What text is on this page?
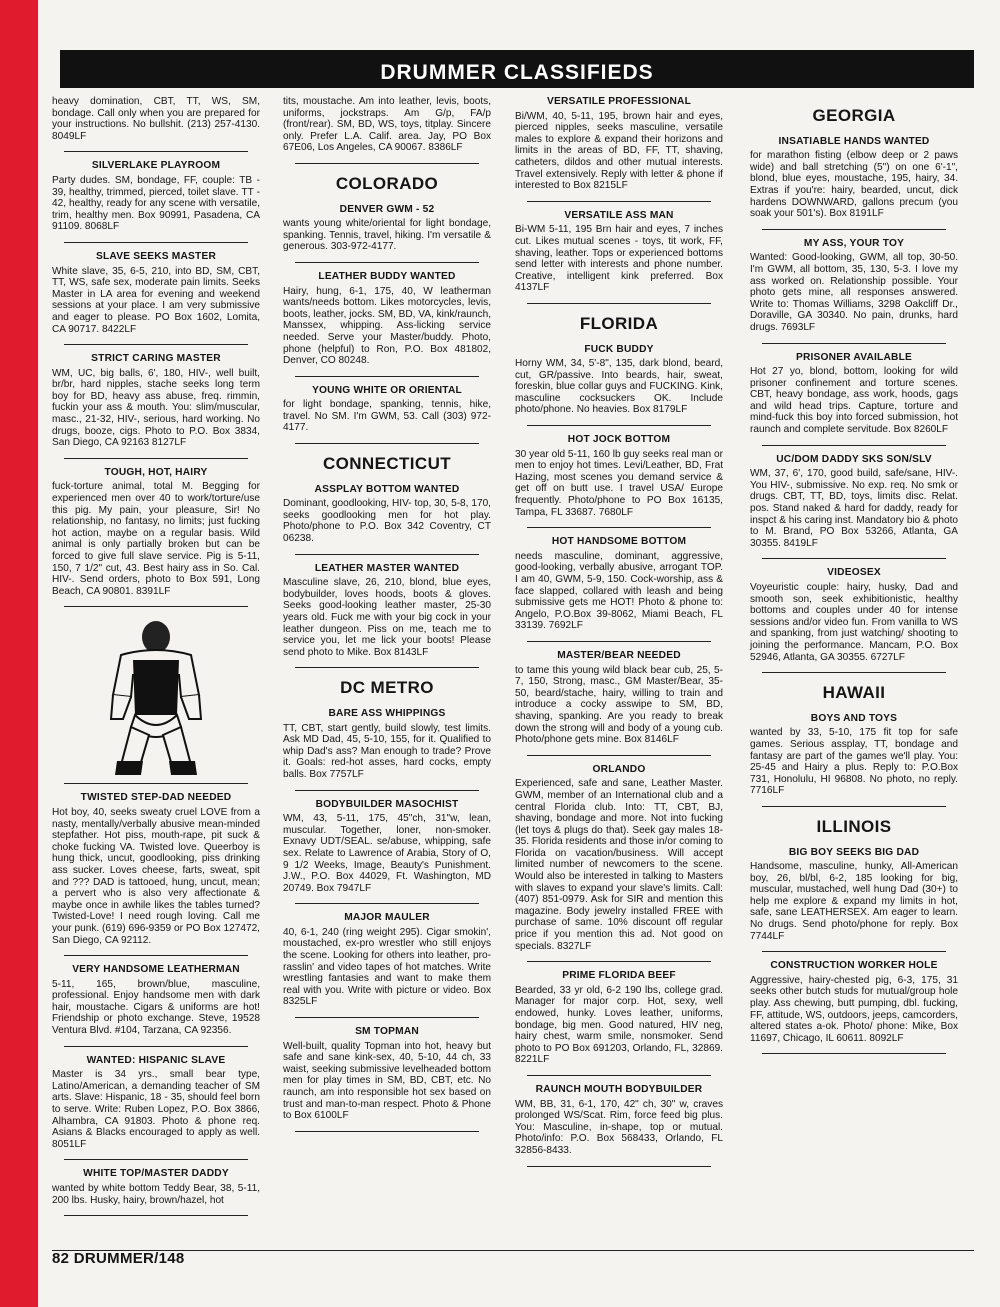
DRUMMER CLASSIFIEDS

heavy domination, CBT, TT, WS, SM, bondage. Call only when you are prepared for your instructions. No bullshit. (213) 257-4130. 8049LF

SILVERLAKE PLAYROOM

Party dudes. SM, bondage, FF, couple: TB - 39, healthy, trimmed, pierced, toilet slave. TT - 42, healthy, ready for any scene with versatile, trim, healthy men. Box 90991, Pasadena, CA 91109. 8068LF

SLAVE SEEKS MASTER

White slave, 35, 6-5, 210, into BD, SM, CBT, TT, WS, safe sex, moderate pain limits. Seeks Master in LA area for evening and weekend sessions at your place. I am very submissive and eager to please. PO Box 1602, Lomita, CA 90717. 8422LF

STRICT CARING MASTER

WM, UC, big balls, 6', 180, HIV-, well built, br/br, hard nipples, stache seeks long term boy for BD, heavy ass abuse, freq. rimmin, fuckin your ass & mouth. You: slim/muscular, masc., 21-32, HIV-, serious, hard working. No drugs, booze, cigs. Photo to P.O. Box 3834, San Diego, CA 92163 8127LF

TOUGH, HOT, HAIRY

fuck-torture animal, total M. Begging for experienced men over 40 to work/torture/use this pig. My pain, your pleasure, Sir! No relationship, no fantasy, no limits; just fucking hot action, maybe on a regular basis. Wild animal is only partially broken but can be forced to give full slave service. Pig is 5-11, 150, 7 1/2" cut, 43. Best hairy ass in So. Cal. HIV-. Send orders, photo to Box 591, Long Beach, CA 90801. 8391LF

TWISTED STEP-DAD NEEDED

Hot boy, 40, seeks sweaty cruel LOVE from a nasty, mentally/verbally abusive mean-minded stepfather. Hot piss, mouth-rape, pit suck & choke fucking VA. Twisted love. Queerboy is hung thick, uncut, goodlooking, piss drinking ass sucker. Loves cheese, farts, sweat, spit and ??? DAD is tattooed, hung, uncut, mean; a pervert who is also very affectionate & maybe once in awhile likes the tables turned? Twisted-Love! I need rough loving. Call me your punk. (619) 696-9359 or PO Box 127472, San Diego, CA 92112.

VERY HANDSOME LEATHERMAN

5-11, 165, brown/blue, masculine, professional. Enjoy handsome men with dark hair, moustache. Cigars & uniforms are hot! Friendship or photo exchange. Steve, 19528 Ventura Blvd. #104, Tarzana, CA 92356.

WANTED: HISPANIC SLAVE

Master is 34 yrs., small bear type, Latino/American, a demanding teacher of SM arts. Slave: Hispanic, 18 - 35, should feel born to serve. Write: Ruben Lopez, P.O. Box 3866, Alhambra, CA 91803. Photo & phone req. Asians & Blacks encouraged to apply as well. 8051LF

WHITE TOP/MASTER DADDY

wanted by white bottom Teddy Bear, 38, 5-11, 200 lbs. Husky, hairy, brown/hazel, hot

tits, moustache. Am into leather, levis, boots, uniforms, jockstraps. Am G/p, FA/p (front/rear). SM, BD, WS, toys, titplay. Sincere only. Prefer L.A. Calif. area. Jay, PO Box 67E06, Los Angeles, CA 90067. 8386LF

COLORADO
DENVER GWM - 52

wants young white/oriental for light bondage, spanking. Tennis, travel, hiking. I'm versatile & generous. 303-972-4177.

LEATHER BUDDY WANTED

Hairy, hung, 6-1, 175, 40, W leatherman wants/needs bottom. Likes motorcycles, levis, boots, leather, jocks. SM, BD, VA, kink/raunch, Manssex, whipping. Ass-licking service needed. Serve your Master/buddy. Photo, phone (helpful) to Ron, P.O. Box 481802, Denver, CO 80248.

YOUNG WHITE OR ORIENTAL

for light bondage, spanking, tennis, hike, travel. No SM. I'm GWM, 53. Call (303) 972-4177.

CONNECTICUT
ASSPLAY BOTTOM WANTED

Dominant, goodlooking, HIV- top, 30, 5-8, 170, seeks goodlooking men for hot play. Photo/phone to P.O. Box 342 Coventry, CT 06238.

LEATHER MASTER WANTED

Masculine slave, 26, 210, blond, blue eyes, bodybuilder, loves hoods, boots & gloves. Seeks good-looking leather master, 25-30 years old. Fuck me with your big cock in your leather dungeon. Piss on me, teach me to service you, let me lick your boots! Please send photo to Mike. Box 8143LF

DC METRO
BARE ASS WHIPPINGS

TT, CBT, start gently, build slowly, test limits. Ask MD Dad, 45, 5-10, 155, for it. Qualified to whip Dad's ass? Man enough to trade? Prove it. Goals: red-hot asses, hard cocks, empty balls. Box 7757LF

BODYBUILDER MASOCHIST

WM, 43, 5-11, 175, 45"ch, 31"w, lean, muscular. Together, loner, non-smoker. Exnavy UDT/SEAL. se/abuse, whipping, safe sex. Relate to Lawrence of Arabia, Story of O, 9 1/2 Weeks, Image, Beauty's Punishment. J.W., P.O. Box 44029, Ft. Washington, MD 20749. Box 7947LF

MAJOR MAULER

40, 6-1, 240 (ring weight 295). Cigar smokin', moustached, ex-pro wrestler who still enjoys the scene. Looking for others into leather, pro-rasslin' and video tapes of hot matches. Write wrestling fantasies and want to make them real with you. Write with picture or video. Box 8325LF

SM TOPMAN

Well-built, quality Topman into hot, heavy but safe and sane kink-sex, 40, 5-10, 44 ch, 33 waist, seeking submissive levelheaded bottom men for play times in SM, BD, CBT, etc. No raunch, am into responsible hot sex based on trust and man-to-man respect. Photo & Phone to Box 6100LF

VERSATILE PROFESSIONAL

Bi/WM, 40, 5-11, 195, brown hair and eyes, pierced nipples, seeks masculine, versatile males to explore & expand their horizons and limits in the areas of BD, FF, TT, shaving, catheters, dildos and other mutual interests. Travel extensively. Reply with letter & phone if interested to Box 8215LF

VERSATILE ASS MAN

Bi-WM 5-11, 195 Brn hair and eyes, 7 inches cut. Likes mutual scenes - toys, tit work, FF, shaving, leather. Tops or experienced bottoms send letter with interests and phone number. Creative, intelligent kink preferred. Box 4137LF

FLORIDA
FUCK BUDDY

Horny WM, 34, 5'-8", 135, dark blond, beard, cut, GR/passive. Into beards, hair, sweat, foreskin, blue collar guys and FUCKING. Kink, masculine cocksuckers OK. Include photo/phone. No heavies. Box 8179LF

HOT JOCK BOTTOM

30 year old 5-11, 160 lb guy seeks real man or men to enjoy hot times. Levi/Leather, BD, Frat Hazing, most scenes you demand service & get off on butt use. I travel USA/ Europe frequently. Photo/phone to PO Box 16135, Tampa, FL 33687. 7680LF

HOT HANDSOME BOTTOM

needs masculine, dominant, aggressive, good-looking, verbally abusive, arrogant TOP. I am 40, GWM, 5-9, 150. Cock-worship, ass & face slapped, collared with leash and being submissive gets me HOT! Photo & phone to: Angelo, P.O.Box 39-8062, Miami Beach, FL 33139. 7692LF

MASTER/BEAR NEEDED

to tame this young wild black bear cub, 25, 5-7, 150, Strong, masc., GM Master/Bear, 35-50, beard/stache, hairy, willing to train and introduce a cocky asswipe to SM, BD, shaving, spanking. Are you ready to break down the strong will and body of a young cub. Photo/phone gets mine. Box 8146LF

ORLANDO

Experienced, safe and sane, Leather Master. GWM, member of an International club and a central Florida club. Into: TT, CBT, BJ, shaving, bondage and more. Not into fucking (let toys & plugs do that). Seek gay males 18-35. Florida residents and those in/or coming to Florida on vacation/business. Will accept limited number of newcomers to the scene. Would also be interested in talking to Masters with slaves to expand your slave's limits. Call: (407) 851-0979. Ask for SIR and mention this magazine. Body jewelry installed FREE with purchase of same. 10% discount off regular price if you mention this ad. Not good on specials. 8327LF

PRIME FLORIDA BEEF

Bearded, 33 yr old, 6-2 190 lbs, college grad. Manager for major corp. Hot, sexy, well endowed, hunky. Loves leather, uniforms, bondage, big men. Good natured, HIV neg, hairy chest, warm smile, nonsmoker. Send photo to PO Box 691203, Orlando, FL, 32869. 8221LF

RAUNCH MOUTH BODYBUILDER

WM, BB, 31, 6-1, 170, 42" ch, 30" w, craves prolonged WS/Scat. Rim, force feed big plus. You: Masculine, in-shape, top or mutual. Photo/info: P.O. Box 568433, Orlando, FL 32856-8433.

GEORGIA
INSATIABLE HANDS WANTED

for marathon fisting (elbow deep or 2 paws wide) and ball stretching (5") on one 6'-1", blond, blue eyes, moustache, 195, hairy, 34. Extras if you're: hairy, bearded, uncut, dick hardens DOWNWARD, gallons precum (you soak your 501's). Box 8191LF

MY ASS, YOUR TOY

Wanted: Good-looking, GWM, all top, 30-50. I'm GWM, all bottom, 35, 130, 5-3. I love my ass worked on. Relationship possible. Your photo gets mine, all responses answered. Write to: Thomas Williams, 3298 Oakcliff Dr., Doraville, GA 30340. No pain, drunks, hard drugs. 7693LF

PRISONER AVAILABLE

Hot 27 yo, blond, bottom, looking for wild prisoner confinement and torture scenes. CBT, heavy bondage, ass work, hoods, gags and wild head trips. Capture, torture and mind-fuck this boy into forced submission, hot raunch and complete servitude. Box 8260LF

UC/DOM DADDY SKS SON/SLV

WM, 37, 6', 170, good build, safe/sane, HIV-. You HIV-, submissive. No exp. req. No smk or drugs. CBT, TT, BD, toys, limits disc. Relat. pos. Stand naked & hard for daddy, ready for inspct & his caring inst. Mandatory bio & photo to M. Brand, PO Box 53266, Atlanta, GA 30355. 8419LF

VIDEOSEX

Voyeuristic couple: hairy, husky, Dad and smooth son, seek exhibitionistic, healthy bottoms and couples under 40 for intense sessions and/or video fun. From vanilla to WS and spanking, from just watching/ shooting to joining the performance. Mancam, P.O. Box 52946, Atlanta, GA 30355. 6727LF

HAWAII
BOYS AND TOYS

wanted by 33, 5-10, 175 fit top for safe games. Serious assplay, TT, bondage and fantasy are part of the games we'll play. You: 25-45 and Hairy a plus. Reply to: P.O.Box 731, Honolulu, HI 96808. No photo, no reply. 7716LF

ILLINOIS
BIG BOY SEEKS BIG DAD

Handsome, masculine, hunky, All-American boy, 26, bl/bl, 6-2, 185 looking for big, muscular, mustached, well hung Dad (30+) to help me explore & expand my limits in hot, safe, sane LEATHERSEX. Am eager to learn. No drugs. Send photo/phone for reply. Box 7744LF

CONSTRUCTION WORKER HOLE

Aggressive, hairy-chested pig, 6-3, 175, 31 seeks other butch studs for mutual/group hole play. Ass chewing, butt pumping, dbl. fucking, FF, attitude, WS, outdoors, jeeps, camcorders, altered states a-ok. Photo/ phone: Mike, Box 11697, Chicago, IL 60611. 8092LF

82 DRUMMER/148
